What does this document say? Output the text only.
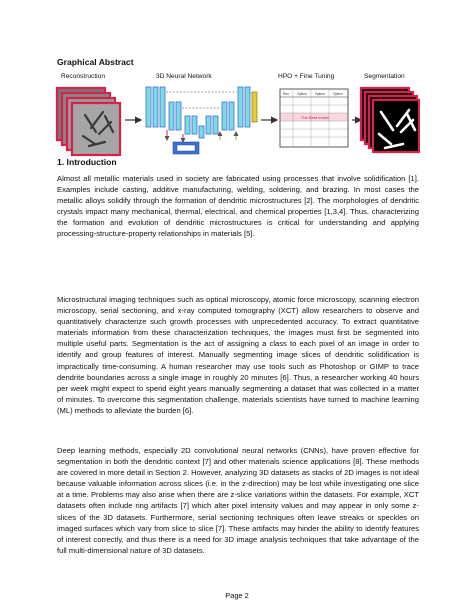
Graphical Abstract
Reconstruction	3D Neural Network	HPO + Fine Tuning	Segmentation
Run Option	Option	Option
The Best model
1. Introduction

Almost all metallic materials used in society are fabricated using processes that involve solidification [1]. Examples include casting, additive manufacturing, welding, soldering, and brazing. In most cases the metallic alloys solidify through the formation of dendritic microstructures [2]. The morphologies of dendritic crystals impact many mechanical, thermal, electrical, and chemical properties [1,3,4]. Thus, characterizing the formation and evolution of dendritic microstructures is critical for understanding and applying processing-structure-property relationships in materials [5].

Microstructural imaging techniques such as optical microscopy, atomic force microscopy, scanning electron microscopy, serial sectioning, and x-ray computed tomography (XCT) allow researchers to observe and quantitatively characterize such growth processes with unprecedented accuracy. To extract quantitative materials information from these characterization techniques, the images must first be segmented into multiple useful parts. Segmentation is the act of assigning a class to each pixel of an image in order to identify and group features of interest. Manually segmenting image slices of dendritic solidification is impractically time-consuming. A human researcher may use tools such as Photoshop or GIMP to trace dendrite boundaries across a single image in roughly 20 minutes [6]. Thus, a researcher working 40 hours per week might expect to spend eight years manually segmenting a dataset that was collected in a matter of minutes. To overcome this segmentation challenge, materials scientists have turned to machine learning (ML) methods to alleviate the burden [6].

Deep learning methods, especially 2D convolutional neural networks (CNNs), have proven effective for segmentation in both the dendritic context [7] and other materials science applications [8]. These methods are covered in more detail in Section 2. However, analyzing 3D datasets as stacks of 2D images is not ideal because valuable information across slices (i.e. in the z-direction) may be lost while investigating one slice at a time. Problems may also arise when there are z-slice variations within the datasets. For example, XCT datasets often include ring artifacts [7] which alter pixel intensity values and may appear in only some z-slices of the 3D datasets. Furthermore, serial sectioning techniques often leave streaks or speckles on imaged surfaces which vary from slice to slice [7]. These artifacts may hinder the ability to identify features of interest correctly, and thus there is a need for 3D image analysis techniques that take advantage of the full multi-dimensional nature of 3D datasets.

Page 2
